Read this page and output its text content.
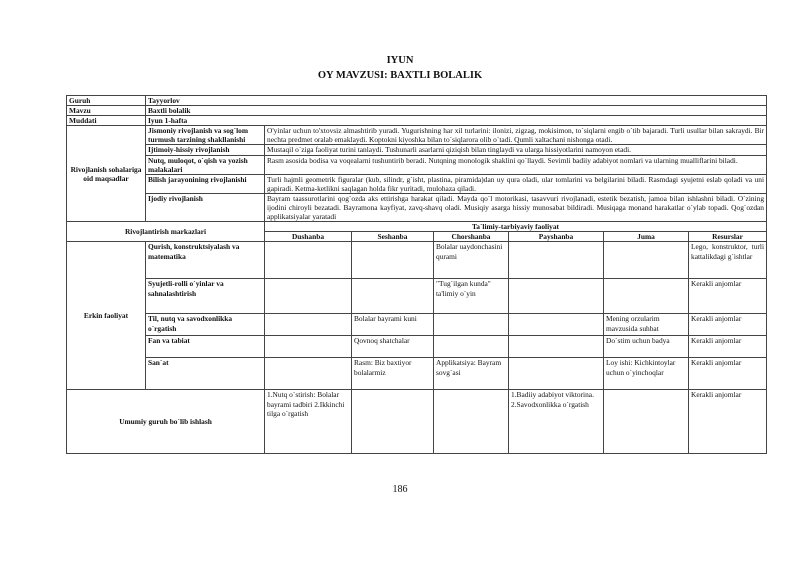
IYUN
OY MAVZUSI: BAXTLI BOLALIK
Guruh	Tayyorlov						
Mavzu	Baxtli bolalik						
Muddati	Iyun 1-hafta						
Rivojlanish sohalariga oid maqsadlar	Jismoniy rivojlanish va sog`lom turmush tarzining shakllanishi	O'yinlar uchun to'xtovsiz almashtirib yuradi. Yugurishning har xil turlarini: ilonizi, zigzag, mokisimon, to`siqlarni engib o`tib bajaradi. Turli usullar bilan sakraydi. Bir nechta predmet oralab emaklaydi. Koptokni kiyoshka bilan to`siqlarora olib o`tadi. Qumli xaltachani nishonga otadi.					
	Ijtimoiy-hissiy rivojlanish	Mustaqil o`ziga faoliyat turini tanlaydi. Tushunarli asarlarni qiziqish bilan tinglaydi va ularga hissiyotlarini namoyon etadi.					
	Nutq, muloqot, o`qish va yozish malakalari	Rasm asosida bodisa va voqealarni tushuntirib beradi. Nutqning monologik shaklini qo`llaydi. Sevimli badiiy adabiyot nomlari va ularning mualliflarini biladi.					
	Bilish jarayonining rivojlanishi	Turli hajmli geometrik figuralar (kub, silindr, g`isht, plastina, piramida)dan uy qura oladi, ular tomlarini va belgilarini biladi. Rasmdagi syujetni eslab qoladi va uni gapiradi. Ketma-ketlikni saqlagan holda fikr yuritadi, mulohaza qiladi.					
	Ijodiy rivojlanish	Bayram taassurotlarini qog`ozda aks ettirishga harakat qiladi. Mayda qo`l motorikasi, tasavvuri rivojlanadi, estetik bezatish, jamoa bilan ishlashni biladi. O`zining ijodini chiroyli bezatadi. Bayramona kayfiyat, zavq-shavq oladi. Musiqiy asarga hissiy munosabat bildiradi. Musiqaga monand harakatlar o`ylab topadi. Qog`ozdan applikatsiyalar yaratadi					
Rivojlantirish markazlari		Ta`limiy-tarbiyaviy faoliyat					
		Dushanba	Seshanba	Chorshanba	Payshanba	Juma	Resurslar
Erkin faoliyat	Qurish, konstruktsiyalash va matematika			Bolalar uaydonchasini qurami			Lego, konstruktor, turli kattalikdagi g`ishtlar
	Syujetli-rolli o`yinlar va sahnalashtirish			"Tug`ilgan kunda" ta'limiy o`yin			Kerakli anjomlar
	Til, nutq va savodxonlikka o`rgatish		Bolalar bayrami kuni			Mening orzularim mavzusida suhbat	Kerakli anjomlar
	Fan va tabiat		Qovnoq shatchalar			Do`stim uchun badya	Kerakli anjomlar
	San`at		Rasm: Biz baxtiyor bolalarmiz	Applikatsiya: Bayram sovg`asi		Loy ishi: Kichkintoylar uchun o`yinchoqlar	Kerakli anjomlar
Umumiy guruh bo`lib ishlash		1.Nutq o`stirish: Bolalar bayrami tadbiri 2.Ikkinchi tilga o`rgatish			1.Badiiy adabiyot viktorina. 2.Savodxonlikka o`rgatish		Kerakli anjomlar
186
